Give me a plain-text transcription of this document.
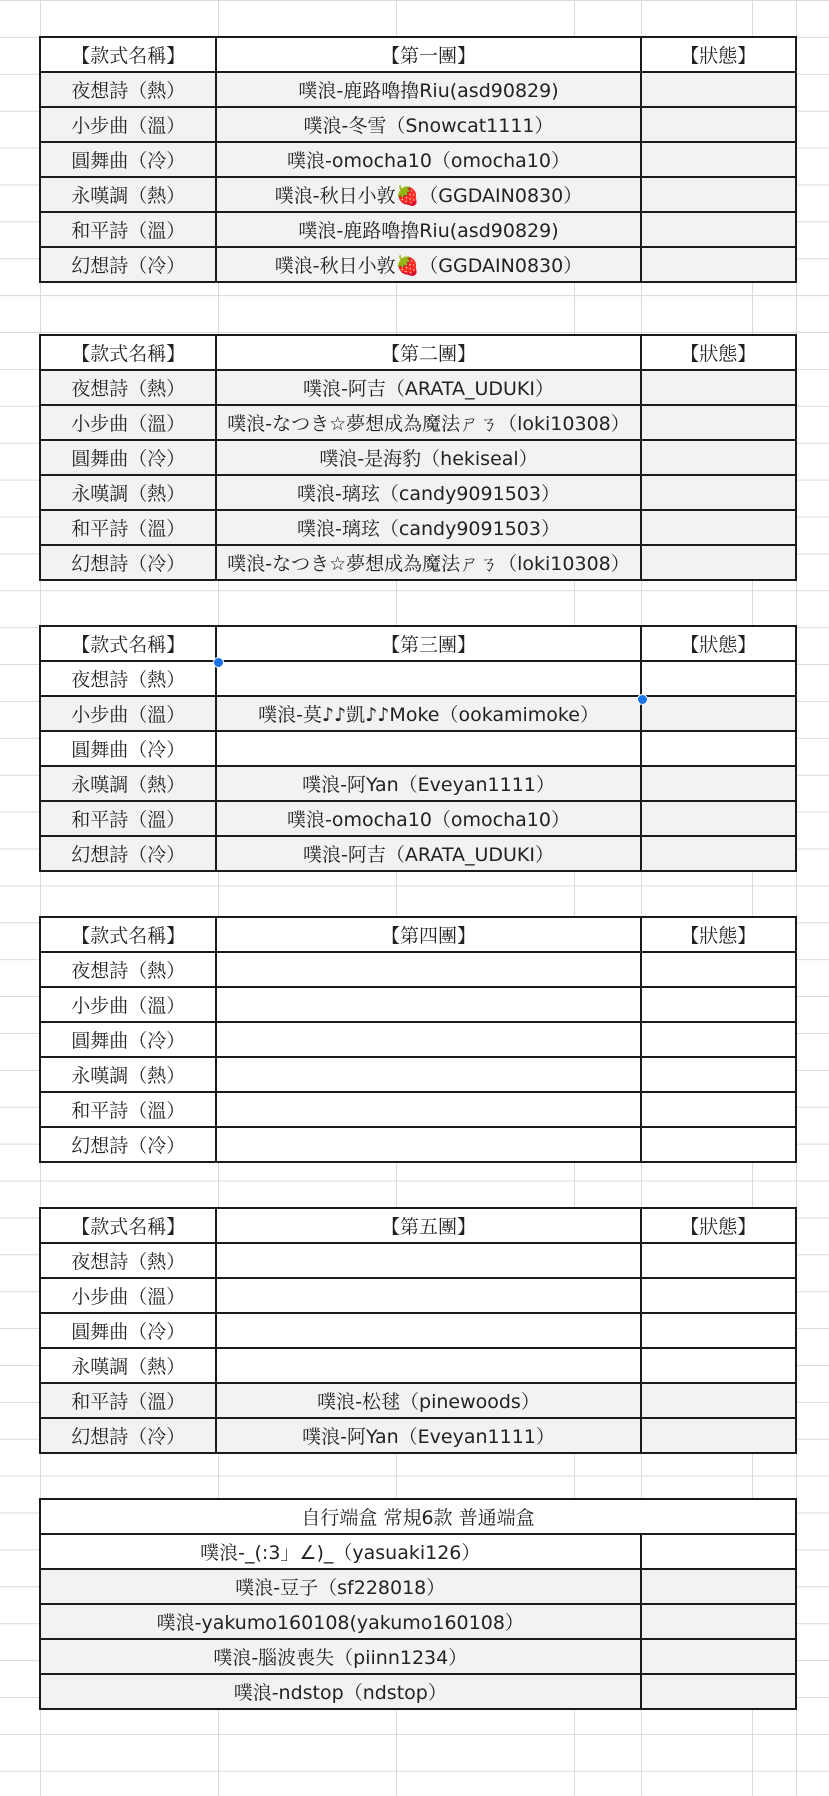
【款式名稱】	【第一團】	【狀態】
夜想詩（熱）	噗浪-鹿路嚕擼Riu(asd90829)	
小步曲（溫）	噗浪-冬雪（Snowcat1111）	
圓舞曲（冷）	噗浪-omocha10（omocha10）	
永嘆調（熱）	噗浪-秋日小敦🍓（GGDAIN0830）	
和平詩（溫）	噗浪-鹿路嚕擼Riu(asd90829)	
幻想詩（冷）	噗浪-秋日小敦🍓（GGDAIN0830）	
【款式名稱】	【第二團】	【狀態】
夜想詩（熱）	噗浪-阿吉（ARATA_UDUKI）	
小步曲（溫）	噗浪-なつき☆夢想成為魔法ㄕㄋ（loki10308）	
圓舞曲（冷）	噗浪-是海豹（hekiseal）	
永嘆調（熱）	噗浪-璃玹（candy9091503）	
和平詩（溫）	噗浪-璃玹（candy9091503）	
幻想詩（冷）	噗浪-なつき☆夢想成為魔法ㄕㄋ（loki10308）	
【款式名稱】	【第三團】	【狀態】
夜想詩（熱）		
小步曲（溫）	噗浪-莫♪♪凱♪♪Moke（ookamimoke）	
圓舞曲（冷）		
永嘆調（熱）	噗浪-阿Yan（Eveyan1111）	
和平詩（溫）	噗浪-omocha10（omocha10）	
幻想詩（冷）	噗浪-阿吉（ARATA_UDUKI）	
【款式名稱】	【第四團】	【狀態】
夜想詩（熱）		
小步曲（溫）		
圓舞曲（冷）		
永嘆調（熱）		
和平詩（溫）		
幻想詩（冷）		
【款式名稱】	【第五團】	【狀態】
夜想詩（熱）		
小步曲（溫）		
圓舞曲（冷）		
永嘆調（熱）		
和平詩（溫）	噗浪-松毬（pinewoods）	
幻想詩（冷）	噗浪-阿Yan（Eveyan1111）	
自行端盒 常規6款 普通端盒	
噗浪-_(:3」∠)_（yasuaki126）	
噗浪-豆子（sf228018）	
噗浪-yakumo160108(yakumo160108）	
噗浪-腦波喪失（piinn1234）	
噗浪-ndstop（ndstop）	
